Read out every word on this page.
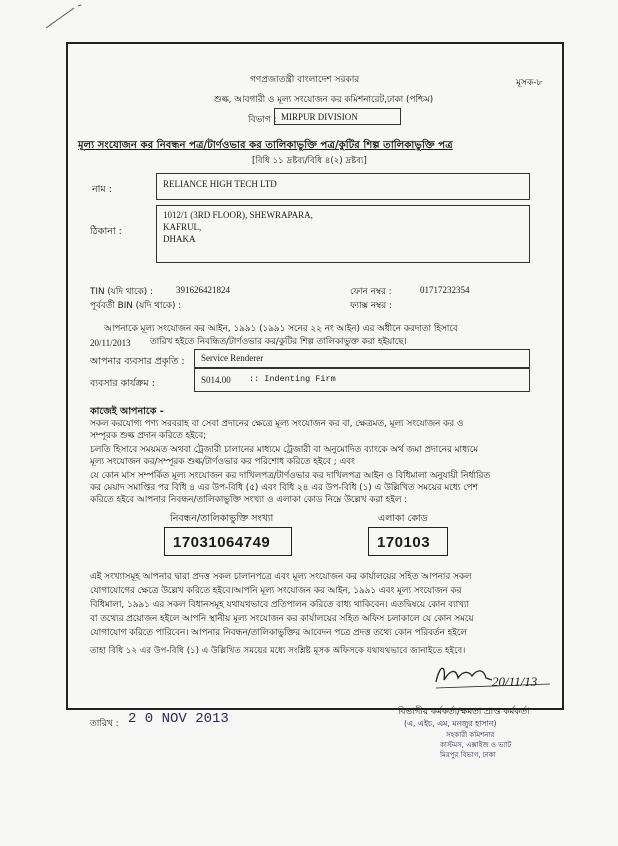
গণপ্রজাতন্ত্রী বাংলাদেশ সরকার	মূসক-৮
শুল্ক, আবগারী ও মূল্য সংযোজন কর কমিশনারেট,ঢাকা (পশ্চিম)
বিভাগ : MIRPUR DIVISION
মূল্য সংযোজন কর নিবন্ধন পত্র/টার্ণওভার কর তালিকাভুক্তি পত্র/কুটির শিল্প তালিকাভুক্তি পত্র
[বিধি ১১ দ্রষ্টব্য/বিধি ৪(২) দ্রষ্টব্য]
নাম :	RELIANCE HIGH TECH LTD
ঠিকানা :
1012/1 (3RD FLOOR), SHEWRAPARA,
KAFRUL,
DHAKA
TIN (যদি থাকে) :	391626421824	ফোন নম্বর :	01717232354
পূর্ববর্তী BIN (যদি থাকে) :	ফ্যাক্স নম্বর :
আপনাকে মূল্য সংযোজন কর আইন, ১৯৯১ (১৯৯১ সনের ২২ নং আইন) এর অধীনে করদাতা হিসাবে
20/11/2013 তারিখ হইতে নিবন্ধিত/টার্ণওভার কর/কুটির শিল্প তালিকাভুক্ত করা হইয়াছে।
আপনার ব্যবসার প্রকৃতি : Service Renderer
ব্যবসার কার্যক্রম :	S014.00 :: Indenting Firm
কাজেই আপনাকে -
সকল করযোগ্য পণ্য সরবরাহ বা সেবা প্রদানের ক্ষেত্রে মূল্য সংযোজন কর বা, ক্ষেত্রমত, মূল্য সংযোজন কর ও
সম্পূরক শুল্ক প্রদান করিতে হইবে;
চলতি হিসাবে সময়মত অথবা ট্রেজারী চালানের মাধ্যমে ট্রেজারী বা অনুমোদিত ব্যাংকে অর্থ জমা প্রদানের মাধ্যমে
মূল্য সংযোজন কর/সম্পূরক শুল্ক/টার্ণওভার কর পরিশোধ করিতে হইবে ; এবং
যে কোন মাস সম্পর্কিত মূল্য সংযোজন কর দাখিলপত্র/টার্ণওভার কর দাখিলপত্র আইন ও বিধিমালা অনুযায়ী নির্ধারিত
কর মেয়াদ সমাপ্তির পর বিধি ৪ এর উপ-বিধি (৫) এবং বিধি ২৪ এর উপ-বিধি (১) এ উল্লিখিত সময়ের মধ্যে পেশ
করিতে হইবে আপনার নিবন্ধন/তালিকাভুক্তি সংখ্যা ও এলাকা কোড নিম্নে উল্লেখ করা হইল :
নিবন্ধন/তালিকাভুক্তি সংখ্যা
17031064749
এলাকা কোড
170103
এই সংখ্যাসমূহ আপনার দ্বারা প্রদত্ত সকল চালানপত্রে এবং মূল্য সংযোজন কর কার্যালয়ের সহিত আপনার সকল
যোগাযোগের ক্ষেত্রে উল্লেখ করিতে হইবে।আপনি মূল্য সংযোজন কর আইন, ১৯৯১ এবং মূল্য সংযোজন কর
বিধিমালা, ১৯৯১ এর সকল বিধানসমূহ যথাযথভাবে প্রতিপালন করিতে বাধ্য থাকিবেন। এতদ্বিষয়ে কোন ব্যাখ্যা
বা তথ্যের প্রয়োজন হইলে আপনি স্থানীয় মূল্য সংযোজন কর কার্যালয়ের সহিত অফিস চলাকালে যে কোন সময়ে
যোগাযোগ করিতে পারিবেন। আপনার নিবন্ধন/তালিকাভুক্তির আবেদন পত্রে প্রদত্ত তথ্যে কোন পরিবর্তন হইলে
তাহা বিধি ১২ এর উপ-বিধি (১) এ উল্লিখিত সময়ের মধ্যে সংশ্লিষ্ট মূসক অফিসকে যথাযথভাবে জানাইতে হইবে।
20/11/13
তারিখ : 2 0 NOV 2013	বিভাগীয় কর্মকর্তা/ক্ষমতা প্রাপ্ত কর্মকর্তা
(এ, এইচ, এম, মনজুর হাসান)
সহকারী কমিশনার
কাস্টমস, এক্সাইজ ও ভ্যাট
মিরপুর বিভাগ, ঢাকা
